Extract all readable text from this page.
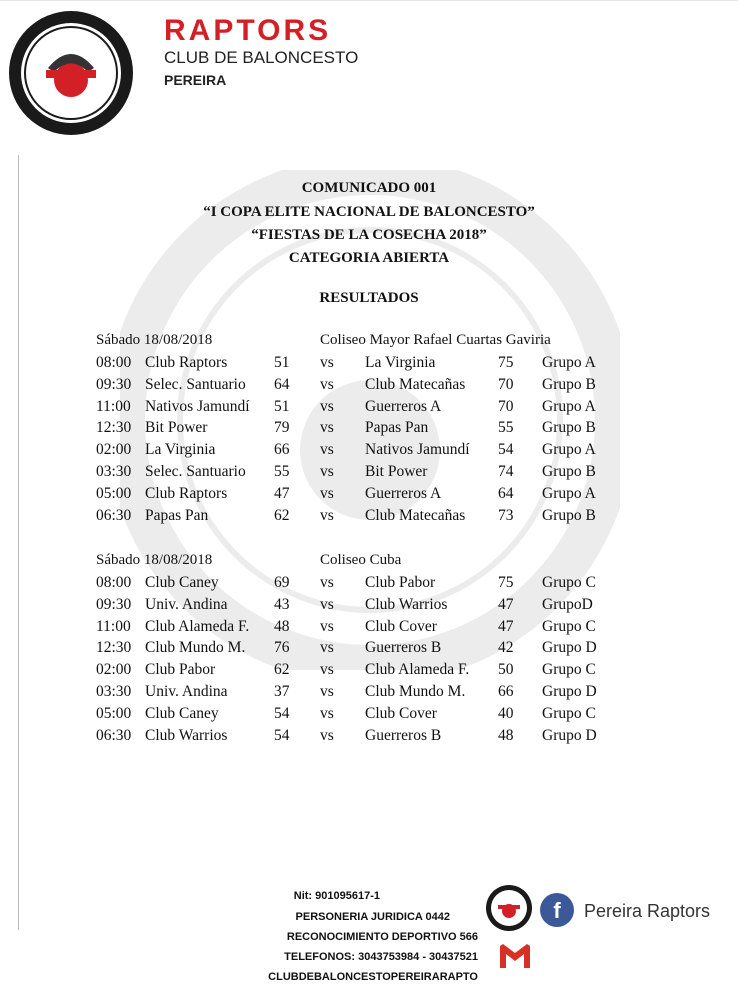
RAPTORS
CLUB DE BALONCESTO
PEREIRA
COMUNICADO 001
“I COPA ELITE NACIONAL DE BALONCESTO”
“FIESTAS DE LA COSECHA 2018”
CATEGORIA ABIERTA
RESULTADOS
Sábado 18/08/2018	Coliseo Mayor Rafael Cuartas Gaviria
08:00 Club Raptors	51 vs La Virginia	75 Grupo A
09:30 Selec. Santuario 64 vs Club Matecañas 70 Grupo B
11:00 Nativos Jamundí 51 vs Guerreros A	70 Grupo A
12:30 Bit Power	79 vs Papas Pan	55 Grupo B
02:00 La Virginia	66 vs Nativos Jamundí 54 Grupo A
03:30 Selec. Santuario 55 vs Bit Power	74 Grupo B
05:00 Club Raptors	47 vs Guerreros A	64 Grupo A
06:30 Papas Pan	62 vs Club Matecañas 73 Grupo B
Sábado 18/08/2018	Coliseo Cuba
08:00 Club Caney	69 vs Club Pabor	75 Grupo C
09:30 Univ. Andina	43 vs Club Warrios	47 GrupoD
11:00 Club Alameda F. 48 vs Club Cover	47 Grupo C
12:30 Club Mundo M. 76 vs Guerreros B	42 Grupo D
02:00 Club Pabor	62 vs Club Alameda F. 50 Grupo C
03:30 Univ. Andina	37 vs Club Mundo M. 66 Grupo D
05:00 Club Caney	54 vs Club Cover	40 Grupo C
06:30 Club Warrios	54 vs Guerreros B	48 Grupo D
Nit: 901095617-1
PERSONERIA JURIDICA 0442
RECONOCIMIENTO DEPORTIVO 566
TELEFONOS: 3043753984 - 30437521
CLUBDEBALONCESTOPEREIRARAPTO
f	Pereira Raptors
